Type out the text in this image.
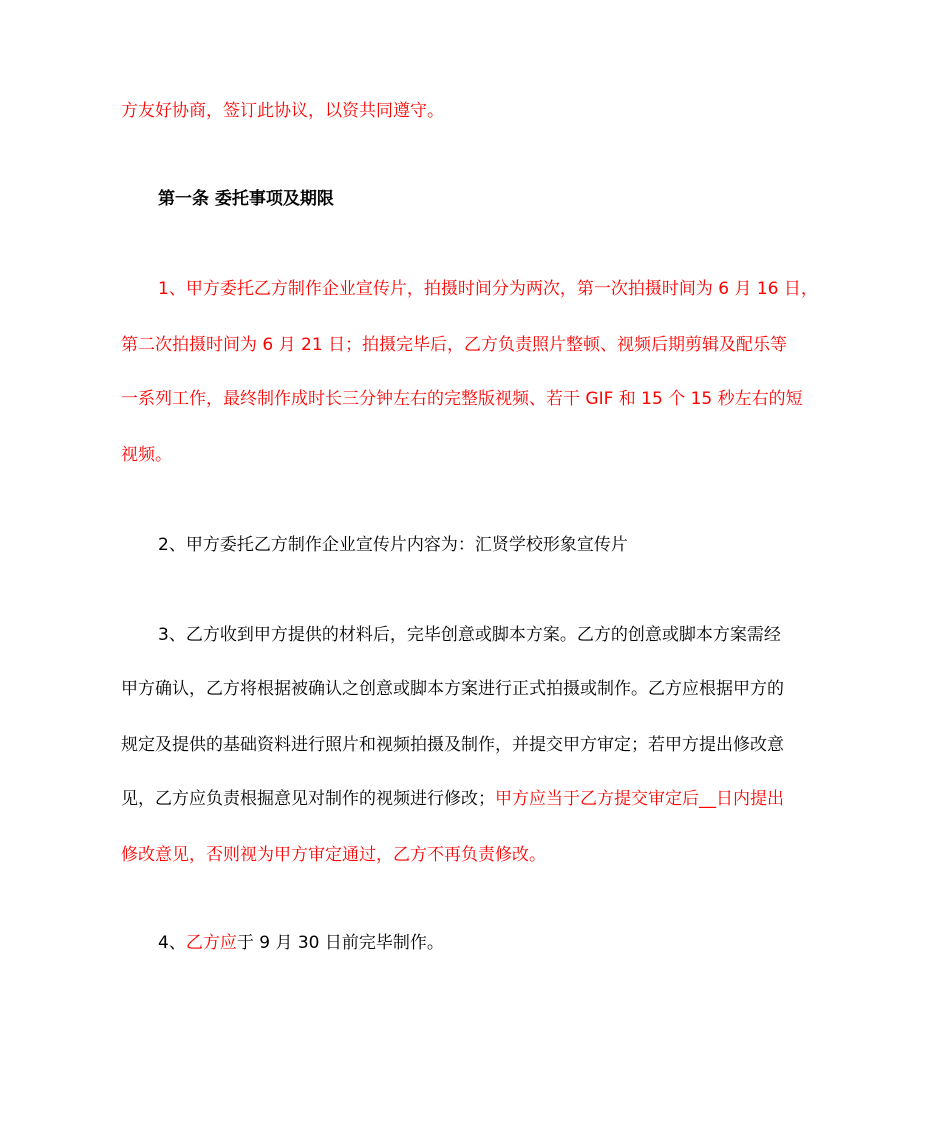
方友好协商，签订此协议，以资共同遵守。
第一条 委托事项及期限
1、甲方委托乙方制作企业宣传片，拍摄时间分为两次，第一次拍摄时间为 6 月 16 日，
第二次拍摄时间为 6 月 21 日；拍摄完毕后，乙方负责照片整顿、视频后期剪辑及配乐等
一系列工作，最终制作成时长三分钟左右的完整版视频、若干 GIF 和 15 个 15 秒左右的短
视频。
2、甲方委托乙方制作企业宣传片内容为：汇贤学校形象宣传片
3、乙方收到甲方提供的材料后，完毕创意或脚本方案。乙方的创意或脚本方案需经
甲方确认，乙方将根据被确认之创意或脚本方案进行正式拍摄或制作。乙方应根据甲方的
规定及提供的基础资料进行照片和视频拍摄及制作，并提交甲方审定；若甲方提出修改意
见，乙方应负责根掘意见对制作的视频进行修改；甲方应当于乙方提交审定后__日内提出
修改意见，否则视为甲方审定通过，乙方不再负责修改。
4、乙方应于 9 月 30 日前完毕制作。
